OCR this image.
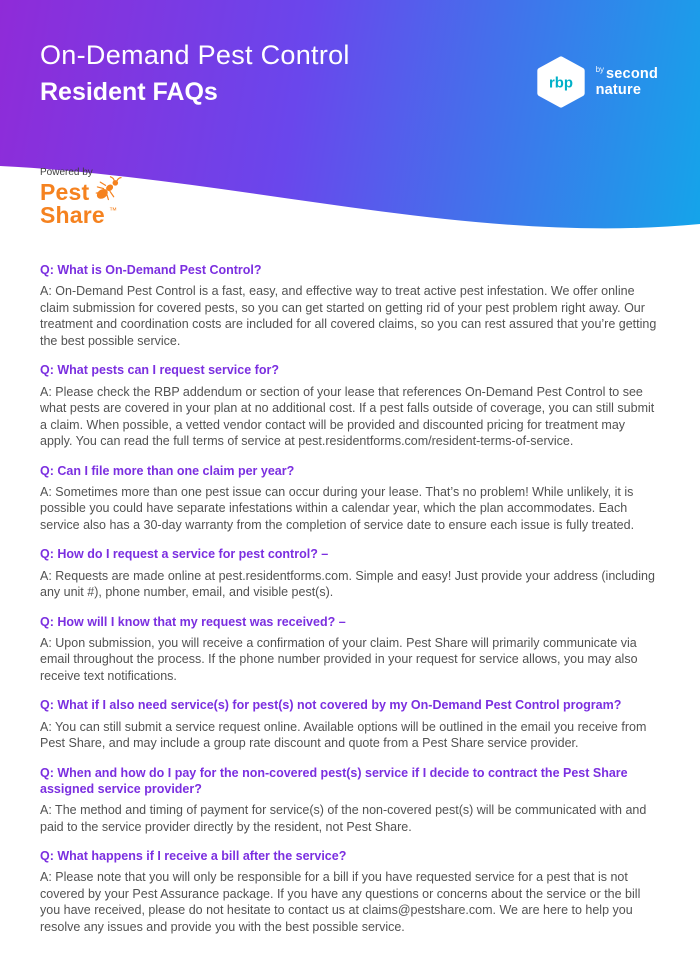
On-Demand Pest Control
Resident FAQs	rbp
$^{by}$ second
nature
Powered by
Pest
Share ™
Q: What is On-Demand Pest Control?

A: On-Demand Pest Control is a fast, easy, and effective way to treat active pest infestation. We offer online claim submission for covered pests, so you can get started on getting rid of your pest problem right away. Our treatment and coordination costs are included for all covered claims, so you can rest assured that you’re getting the best possible service.

Q: What pests can I request service for?

A: Please check the RBP addendum or section of your lease that references On-Demand Pest Control to see what pests are covered in your plan at no additional cost. If a pest falls outside of coverage, you can still submit a claim. When possible, a vetted vendor contact will be provided and discounted pricing for treatment may apply. You can read the full terms of service at pest.residentforms.com/resident-terms-of-service.

Q: Can I file more than one claim per year?

A: Sometimes more than one pest issue can occur during your lease. That’s no problem! While unlikely, it is possible you could have separate infestations within a calendar year, which the plan accommodates. Each service also has a 30-day warranty from the completion of service date to ensure each issue is fully treated.

Q: How do I request a service for pest control? –

A: Requests are made online at pest.residentforms.com. Simple and easy! Just provide your address (including any unit #), phone number, email, and visible pest(s).

Q: How will I know that my request was received? –

A: Upon submission, you will receive a confirmation of your claim. Pest Share will primarily communicate via email throughout the process. If the phone number provided in your request for service allows, you may also receive text notifications.

Q: What if I also need service(s) for pest(s) not covered by my On-Demand Pest Control program?

A: You can still submit a service request online. Available options will be outlined in the email you receive from Pest Share, and may include a group rate discount and quote from a Pest Share service provider.

Q: When and how do I pay for the non-covered pest(s) service if I decide to contract the Pest Share assigned service provider?

A: The method and timing of payment for service(s) of the non-covered pest(s) will be communicated with and paid to the service provider directly by the resident, not Pest Share.

Q: What happens if I receive a bill after the service?

A: Please note that you will only be responsible for a bill if you have requested service for a pest that is not covered by your Pest Assurance package. If you have any questions or concerns about the service or the bill you have received, please do not hesitate to contact us at claims@pestshare.com. We are here to help you resolve any issues and provide you with the best possible service.
